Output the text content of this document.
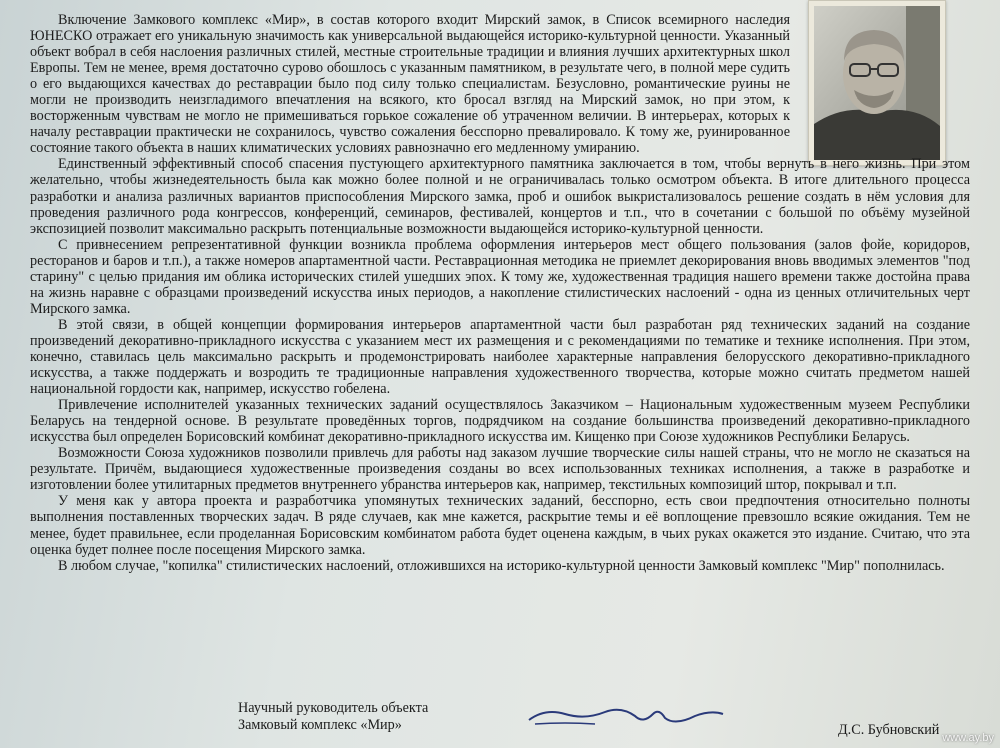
Включение Замкового комплекс «Мир», в состав которого входит Мирский замок, в Список всемирного наследия ЮНЕСКО отражает его уникальную значимость как универсальной выдающейся историко-культурной ценности. Указанный объект вобрал в себя наслоения различных стилей, местные строительные традиции и влияния лучших архитектурных школ Европы. Тем не менее, время достаточно сурово обошлось с указанным памятником, в результате чего, в полной мере судить о его выдающихся качествах до реставрации было под силу только специалистам. Безусловно, романтические руины не могли не производить неизгладимого впечатления на всякого, кто бросал взгляд на Мирский замок, но при этом, к восторженным чувствам не могло не примешиваться горькое сожаление об утраченном величии. В интерьерах, которых к началу реставрации практически не сохранилось, чувство сожаления бесспорно превалировало. К тому же, руинированное состояние такого объекта в наших климатических условиях равнозначно его медленному умиранию.

Единственный эффективный способ спасения пустующего архитектурного памятника заключается в том, чтобы вернуть в него жизнь. При этом желательно, чтобы жизнедеятельность была как можно более полной и не ограничивалась только осмотром объекта. В итоге длительного процесса разработки и анализа различных вариантов приспособления Мирского замка, проб и ошибок выкристализовалось решение создать в нём условия для проведения различного рода конгрессов, конференций, семинаров, фестивалей, концертов и т.п., что в сочетании с большой по объёму музейной экспозицией позволит максимально раскрыть потенциальные возможности выдающейся историко-культурной ценности.

С привнесением репрезентативной функции возникла проблема оформления интерьеров мест общего пользования (залов фойе, коридоров, ресторанов и баров и т.п.), а также номеров апартаментной части. Реставрационная методика не приемлет декорирования вновь вводимых элементов "под старину" с целью придания им облика исторических стилей ушедших эпох. К тому же, художественная традиция нашего времени также достойна права на жизнь наравне с образцами произведений искусства иных периодов, а накопление стилистических наслоений - одна из ценных отличительных черт Мирского замка.

В этой связи, в общей концепции формирования интерьеров апартаментной части был разработан ряд технических заданий на создание произведений декоративно-прикладного искусства с указанием мест их размещения и с рекомендациями по тематике и технике исполнения. При этом, конечно, ставилась цель максимально раскрыть и продемонстрировать наиболее характерные направления белорусского декоративно-прикладного искусства, а также поддержать и возродить те традиционные направления художественного творчества, которые можно считать предметом нашей национальной гордости как, например, искусство гобелена.

Привлечение исполнителей указанных технических заданий осуществлялось Заказчиком – Национальным художественным музеем Республики Беларусь на тендерной основе. В результате проведённых торгов, подрядчиком на создание большинства произведений декоративно-прикладного искусства был определен Борисовский комбинат декоративно-прикладного искусства им. Кищенко при Союзе художников Республики Беларусь.

Возможности Союза художников позволили привлечь для работы над заказом лучшие творческие силы нашей страны, что не могло не сказаться на результате. Причём, выдающиеся художественные произведения созданы во всех использованных техниках исполнения, а также в разработке и изготовлении более утилитарных предметов внутреннего убранства интерьеров как, например, текстильных композиций штор, покрывал и т.п.

У меня как у автора проекта и разработчика упомянутых технических заданий, бесспорно, есть свои предпочтения относительно полноты выполнения поставленных творческих задач. В ряде случаев, как мне кажется, раскрытие темы и её воплощение превзошло всякие ожидания. Тем не менее, будет правильнее, если проделанная Борисовским комбинатом работа будет оценена каждым, в чьих руках окажется это издание. Считаю, что эта оценка будет полнее после посещения Мирского замка.

В любом случае, "копилка" стилистических наслоений, отложившихся на историко-культурной ценности Замковый комплекс "Мир" пополнилась.

Научный руководитель объекта
Замковый комплекс «Мир»	Д.С. Бубновский www.ay.by
